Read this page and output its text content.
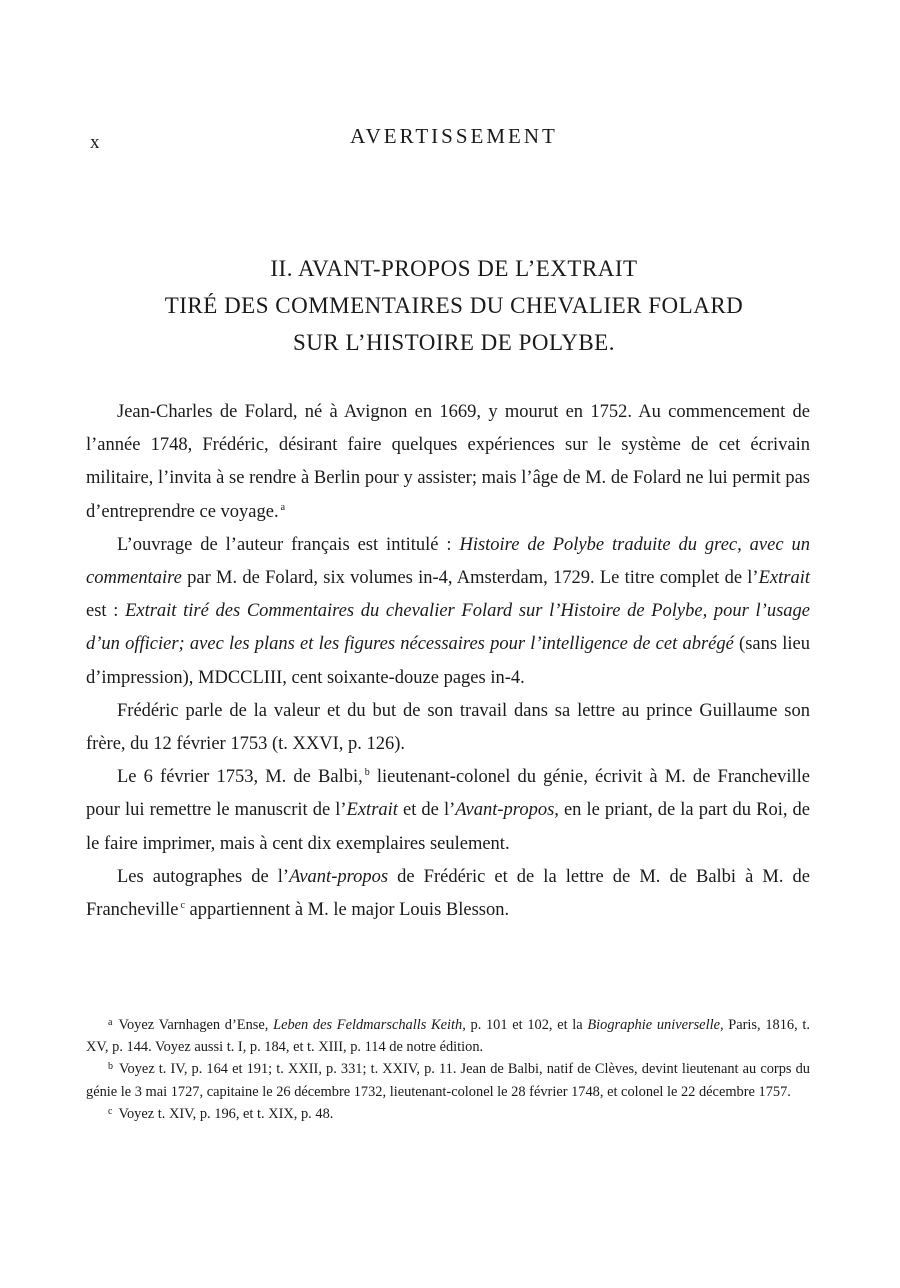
x	AVERTISSEMENT
II. AVANT-PROPOS DE L’EXTRAIT
TIRÉ DES COMMENTAIRES DU CHEVALIER FOLARD
SUR L’HISTOIRE DE POLYBE.

Jean-Charles de Folard, né à Avignon en 1669, y mourut en 1752. Au commencement de l’année 1748, Frédéric, désirant faire quelques expériences sur le système de cet écrivain militaire, l’invita à se rendre à Berlin pour y assister; mais l’âge de M. de Folard ne lui permit pas d’entreprendre ce voyage. $^a$

L’ouvrage de l’auteur français est intitulé : Histoire de Polybe traduite du grec, avec un commentaire par M. de Folard, six volumes in-4, Amsterdam, 1729. Le titre complet de l’Extrait est : Extrait tiré des Commentaires du chevalier Folard sur l’Histoire de Polybe, pour l’usage d’un officier; avec les plans et les figures nécessaires pour l’intelligence de cet abrégé (sans lieu d’impression), MDCCLIII, cent soixante-douze pages in-4.

Frédéric parle de la valeur et du but de son travail dans sa lettre au prince Guillaume son frère, du 12 février 1753 (t. XXVI, p. 126).

Le 6 février 1753, M. de Balbi, $^b$ lieutenant-colonel du génie, écrivit à M. de Francheville pour lui remettre le manuscrit de l’Extrait et de l’Avant-propos, en le priant, de la part du Roi, de le faire imprimer, mais à cent dix exemplaires seulement.

Les autographes de l’Avant-propos de Frédéric et de la lettre de M. de Balbi à M. de Francheville $^c$ appartiennent à M. le major Louis Blesson.

$^a$ Voyez Varnhagen d’Ense, Leben des Feldmarschalls Keith, p. 101 et 102, et la Biographie universelle, Paris, 1816, t. XV, p. 144. Voyez aussi t. I, p. 184, et t. XIII, p. 114 de notre édition.

$^b$ Voyez t. IV, p. 164 et 191; t. XXII, p. 331; t. XXIV, p. 11. Jean de Balbi, natif de Clèves, devint lieutenant au corps du génie le 3 mai 1727, capitaine le 26 décembre 1732, lieutenant-colonel le 28 février 1748, et colonel le 22 décembre 1757.

$^c$ Voyez t. XIV, p. 196, et t. XIX, p. 48.
